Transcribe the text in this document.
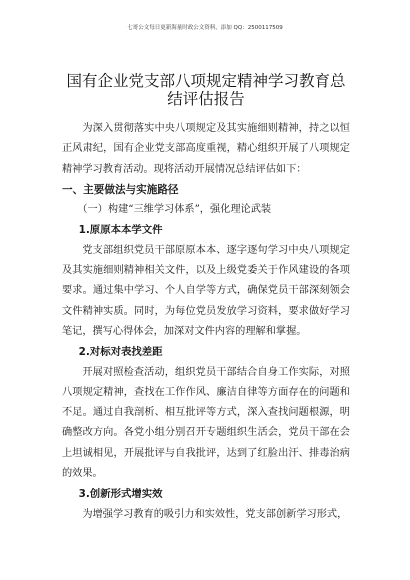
七哥公文每日更新海量时政公文资料，添加 QQ：2500117509
国有企业党支部八项规定精神学习教育总结评估报告

为深入贯彻落实中央八项规定及其实施细则精神，持之以恒正风肃纪，国有企业党支部高度重视，精心组织开展了八项规定精神学习教育活动。现将活动开展情况总结评估如下：

一、主要做法与实施路径
（一）构建“三维学习体系”，强化理论武装
1.原原本本学文件

党支部组织党员干部原原本本、逐字逐句学习中央八项规定及其实施细则精神相关文件，以及上级党委关于作风建设的各项要求。通过集中学习、个人自学等方式，确保党员干部深刻领会文件精神实质。同时，为每位党员发放学习资料，要求做好学习笔记，撰写心得体会，加深对文件内容的理解和掌握。

2.对标对表找差距

开展对照检查活动，组织党员干部结合自身工作实际，对照八项规定精神，查找在工作作风、廉洁自律等方面存在的问题和不足。通过自我剖析、相互批评等方式，深入查找问题根源，明确整改方向。各党小组分别召开专题组织生活会，党员干部在会上坦诚相见，开展批评与自我批评，达到了红脸出汗、排毒治病的效果。

3.创新形式增实效

为增强学习教育的吸引力和实效性，党支部创新学习形式，
